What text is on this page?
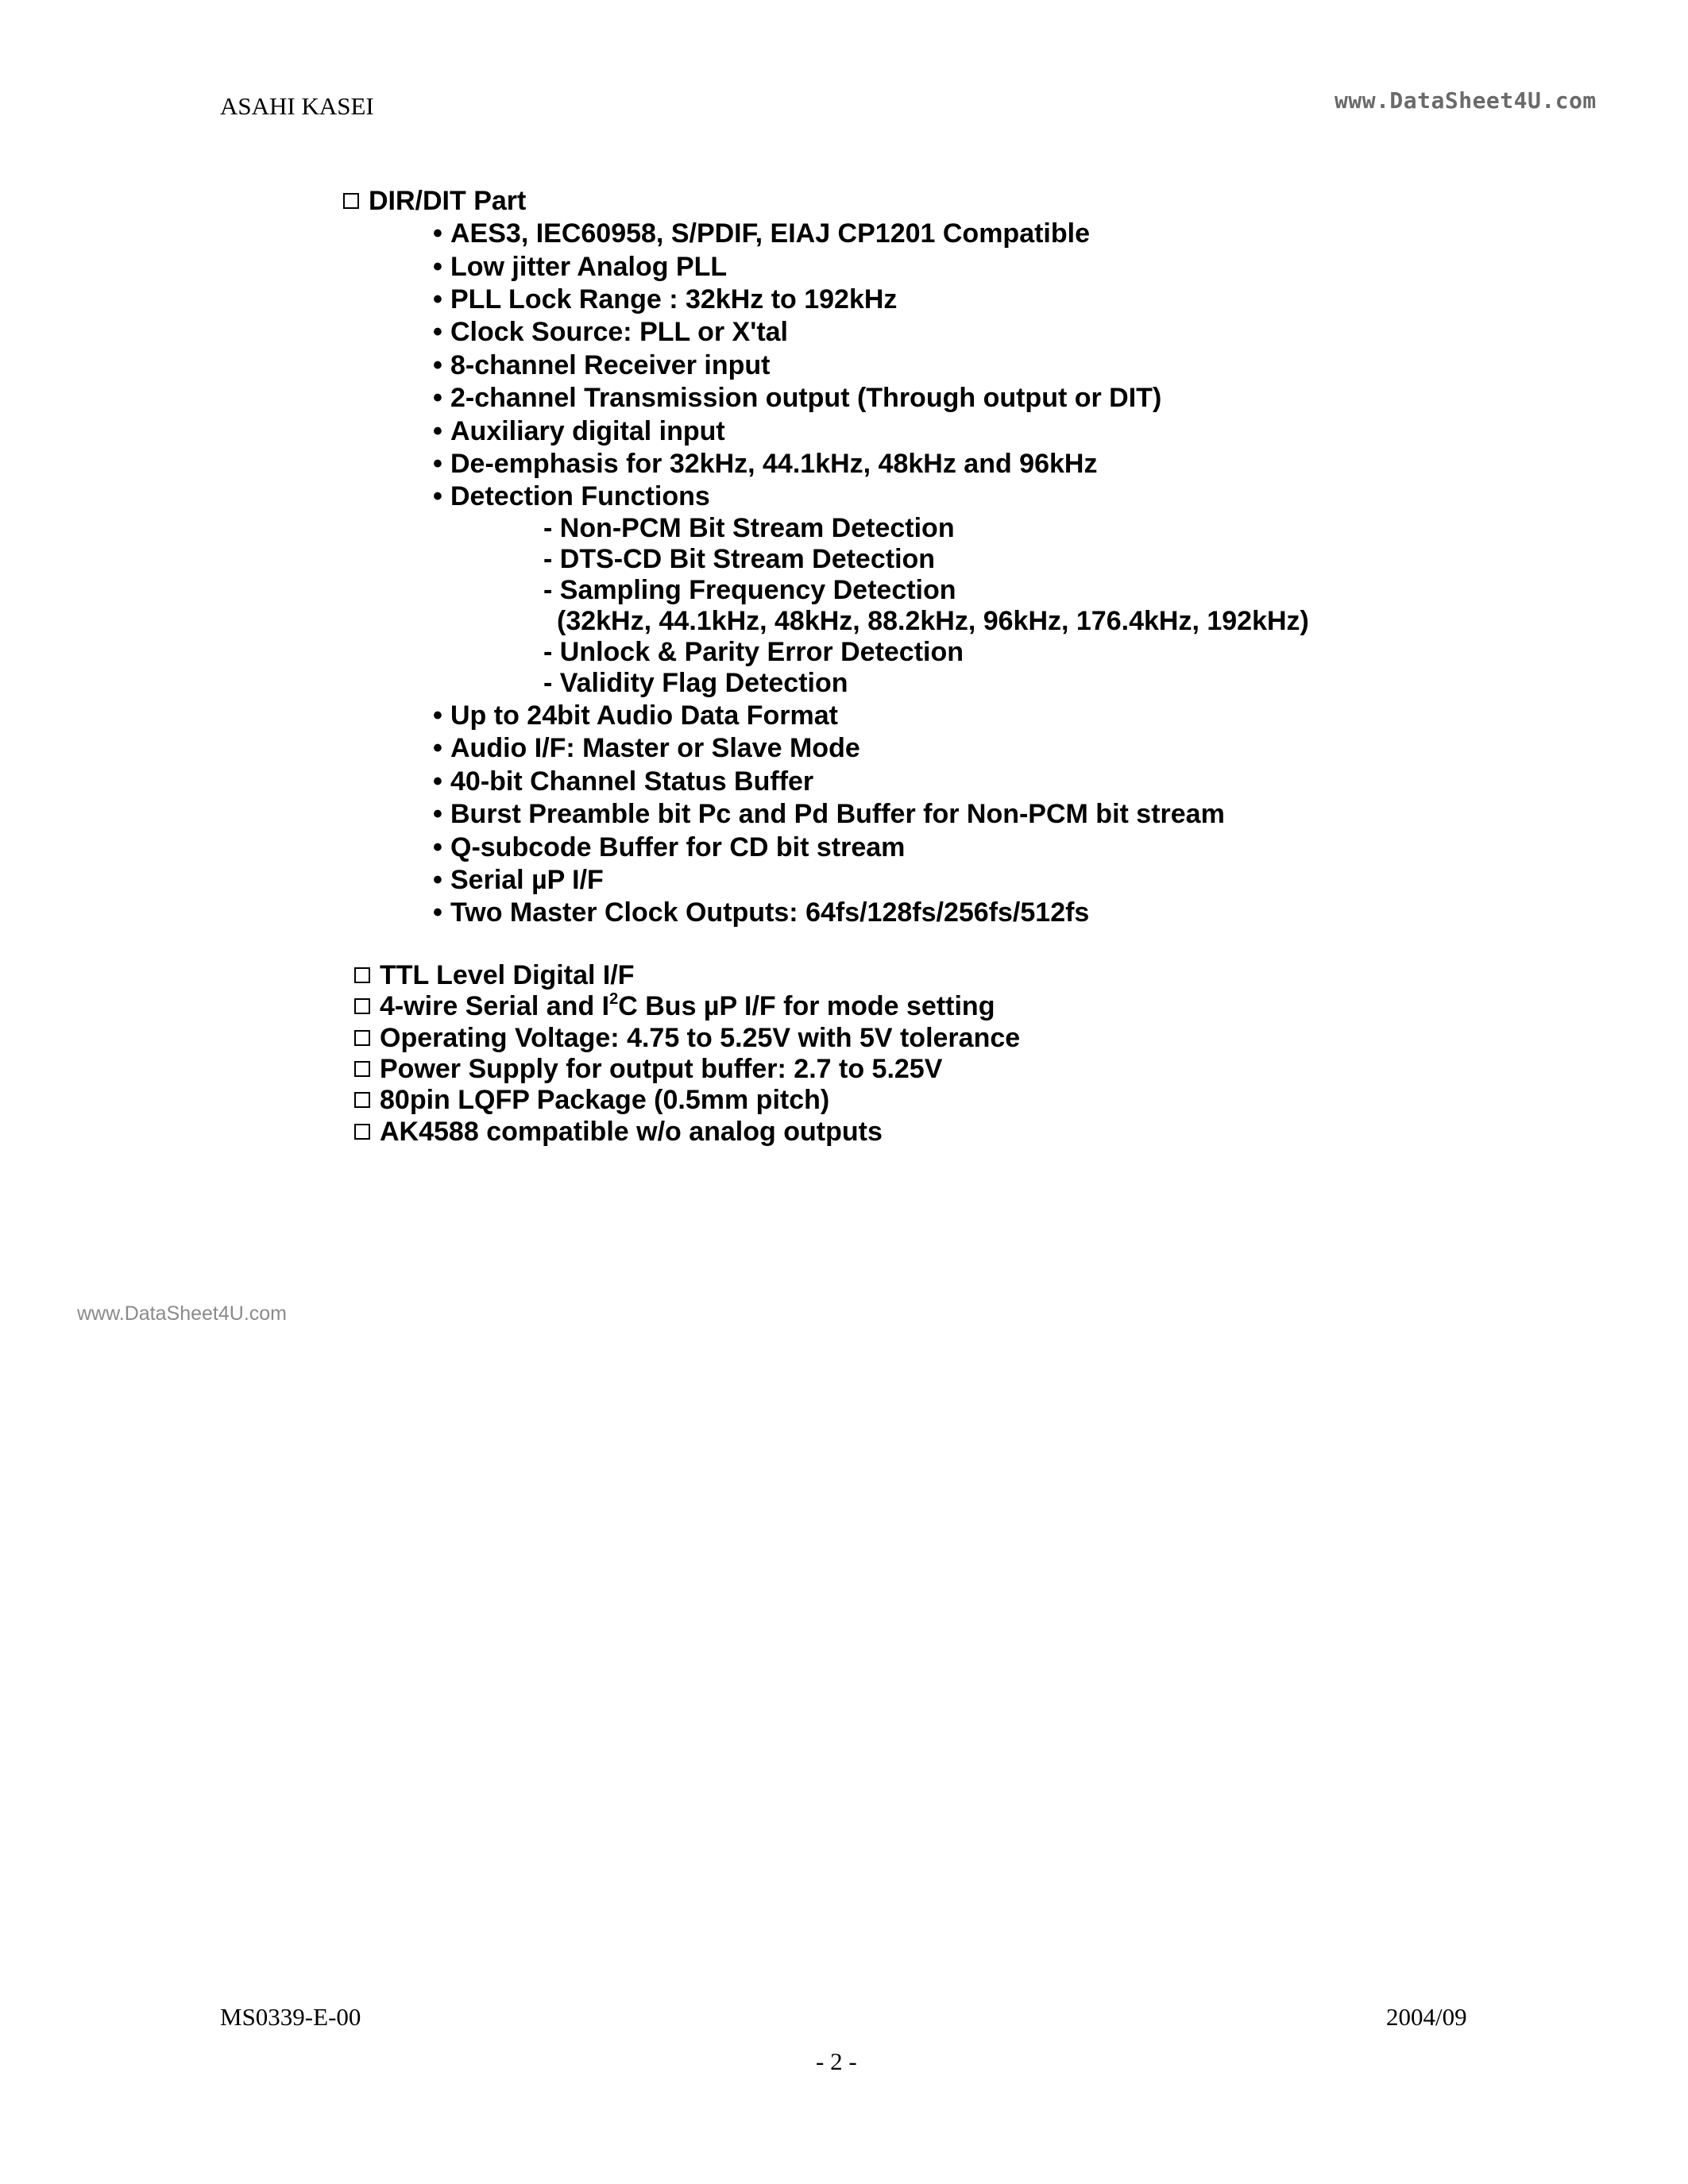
ASAHI KASEI	www.DataSheet4U.com
DIR/DIT Part
•AES3, IEC60958, S/PDIF, EIAJ CP1201 Compatible
•Low jitter Analog PLL
•PLL Lock Range : 32kHz to 192kHz
•Clock Source: PLL or X'tal
•8-channel Receiver input
•2-channel Transmission output (Through output or DIT)
•Auxiliary digital input
•De-emphasis for 32kHz, 44.1kHz, 48kHz and 96kHz
•Detection Functions
- Non-PCM Bit Stream Detection
- DTS-CD Bit Stream Detection
- Sampling Frequency Detection
(32kHz, 44.1kHz, 48kHz, 88.2kHz, 96kHz, 176.4kHz, 192kHz)
- Unlock & Parity Error Detection
- Validity Flag Detection
•Up to 24bit Audio Data Format
•Audio I/F: Master or Slave Mode
•40-bit Channel Status Buffer
•Burst Preamble bit Pc and Pd Buffer for Non-PCM bit stream
•Q-subcode Buffer for CD bit stream
•Serial µP I/F
•Two Master Clock Outputs: 64fs/128fs/256fs/512fs
TTL Level Digital I/F
4-wire Serial and $I^2C$ Bus µP I/F for mode setting
Operating Voltage: 4.75 to 5.25V with 5V tolerance
Power Supply for output buffer: 2.7 to 5.25V
80pin LQFP Package (0.5mm pitch)
AK4588 compatible w/o analog outputs
www.DataSheet4U.com
MS0339-E-00	2004/09
- 2 -
